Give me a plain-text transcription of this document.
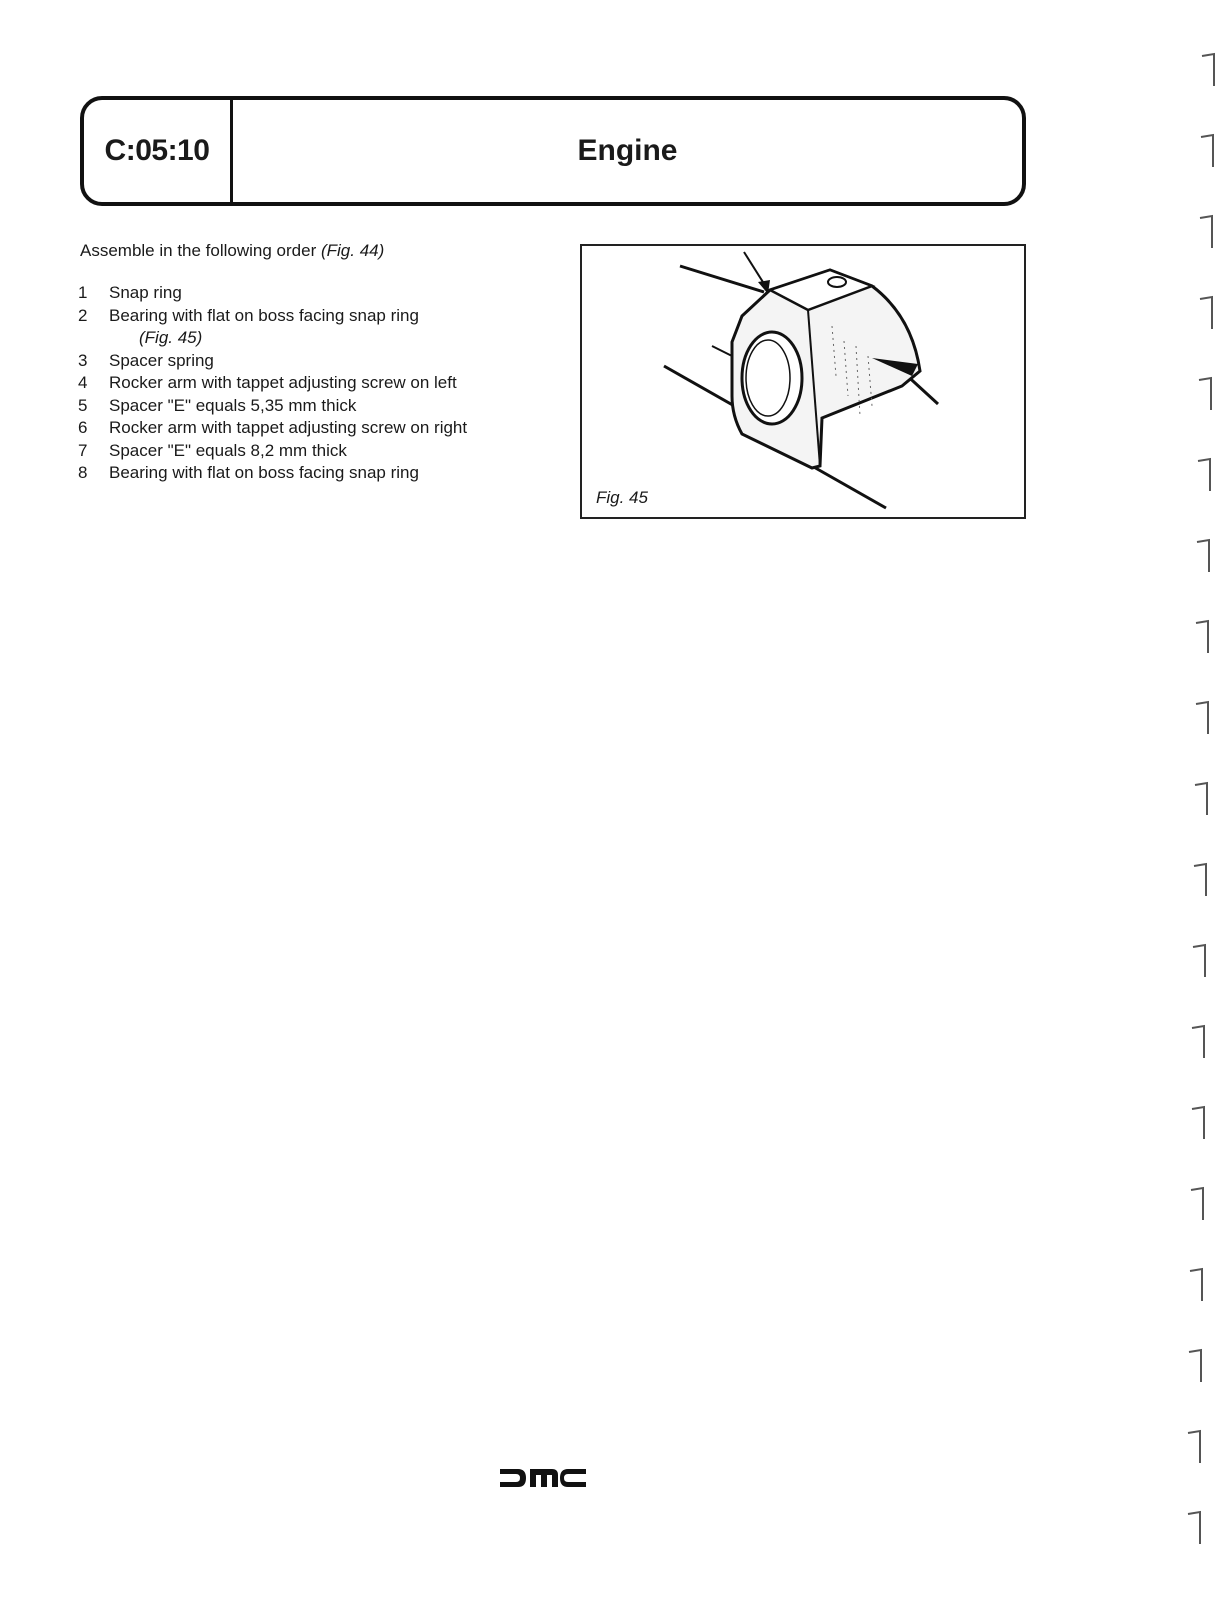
C:05:10	Engine
Assemble in the following order (Fig. 44)
1	Snap ring
2	Bearing with flat on boss facing snap ring
(Fig. 45)
3	Spacer spring
4	Rocker arm with tappet adjusting screw on left
5	Spacer "E" equals 5,35 mm thick
6	Rocker arm with tappet adjusting screw on right
7	Spacer "E" equals 8,2 mm thick
8	Bearing with flat on boss facing snap ring
Fig. 45
